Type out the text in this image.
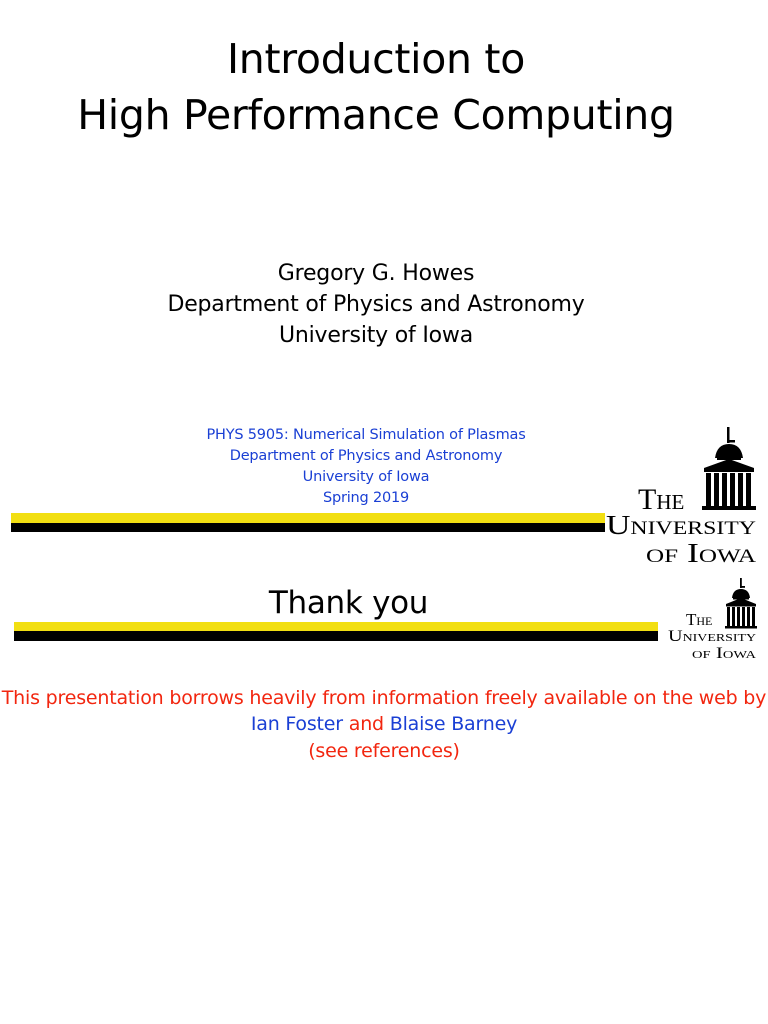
Introduction to
High Performance Computing
Gregory G. Howes
Department of Physics and Astronomy
University of Iowa
PHYS 5905: Numerical Simulation of Plasmas
Department of Physics and Astronomy
University of Iowa
Spring 2019	The
University
of Iowa
Thank you	The
University
of Iowa
This presentation borrows heavily from information freely available on the web by
Ian Foster and Blaise Barney
(see references)
